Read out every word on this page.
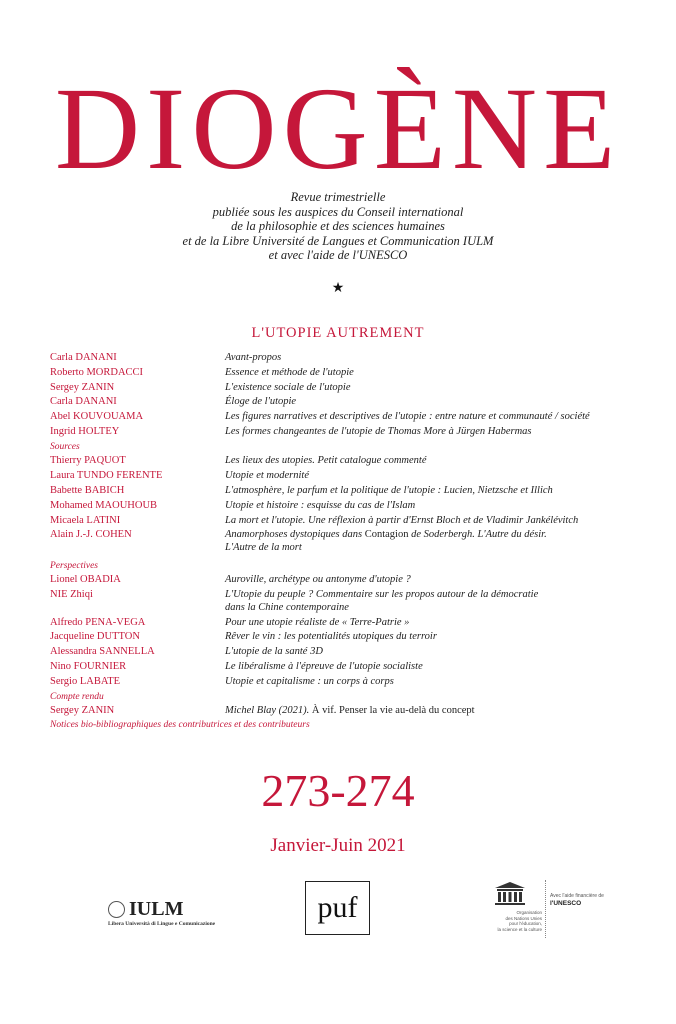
DIOGÈNE
Revue trimestrielle
publiée sous les auspices du Conseil international
de la philosophie et des sciences humaines
et de la Libre Université de Langues et Communication IULM
et avec l'aide de l'UNESCO
★
L'UTOPIE AUTREMENT
Carla DANANI	Avant-propos
Roberto MORDACCI	Essence et méthode de l'utopie
Sergey ZANIN	L'existence sociale de l'utopie
Carla DANANI	Éloge de l'utopie
Abel KOUVOUAMA	Les figures narratives et descriptives de l'utopie : entre nature et communauté / société
Ingrid HOLTEY	Les formes changeantes de l'utopie de Thomas More à Jürgen Habermas
Sources
Thierry PAQUOT	Les lieux des utopies. Petit catalogue commenté
Laura TUNDO FERENTE	Utopie et modernité
Babette BABICH	L'atmosphère, le parfum et la politique de l'utopie : Lucien, Nietzsche et Illich
Mohamed MAOUHOUB	Utopie et histoire : esquisse du cas de l'Islam
Micaela LATINI	La mort et l'utopie. Une réflexion à partir d'Ernst Bloch et de Vladimir Jankélévitch
Alain J.-J. COHEN	Anamorphoses dystopiques dans Contagion de Soderbergh. L'Autre du désir.
L'Autre de la mort
Perspectives
Lionel OBADIA	Auroville, archétype ou antonyme d'utopie ?
NIE Zhiqi	L'Utopie du peuple ? Commentaire sur les propos autour de la démocratie
dans la Chine contemporaine
Alfredo PENA-VEGA	Pour une utopie réaliste de « Terre-Patrie »
Jacqueline DUTTON	Rêver le vin : les potentialités utopiques du terroir
Alessandra SANNELLA	L'utopie de la santé 3D
Nino FOURNIER	Le libéralisme à l'épreuve de l'utopie socialiste
Sergio LABATE	Utopie et capitalisme : un corps à corps
Compte rendu
Sergey ZANIN	Michel Blay (2021). À vif. Penser la vie au-delà du concept
Notices bio-bibliographiques des contributrices et des contributeurs
273-274
Janvier-Juin 2021
IULM
Libera Università di Lingue e Comunicazione	puf	Organisation
des Nations Unies
pour l'éducation,
la science et la culture
Avec l'aide financière de
l'UNESCO
